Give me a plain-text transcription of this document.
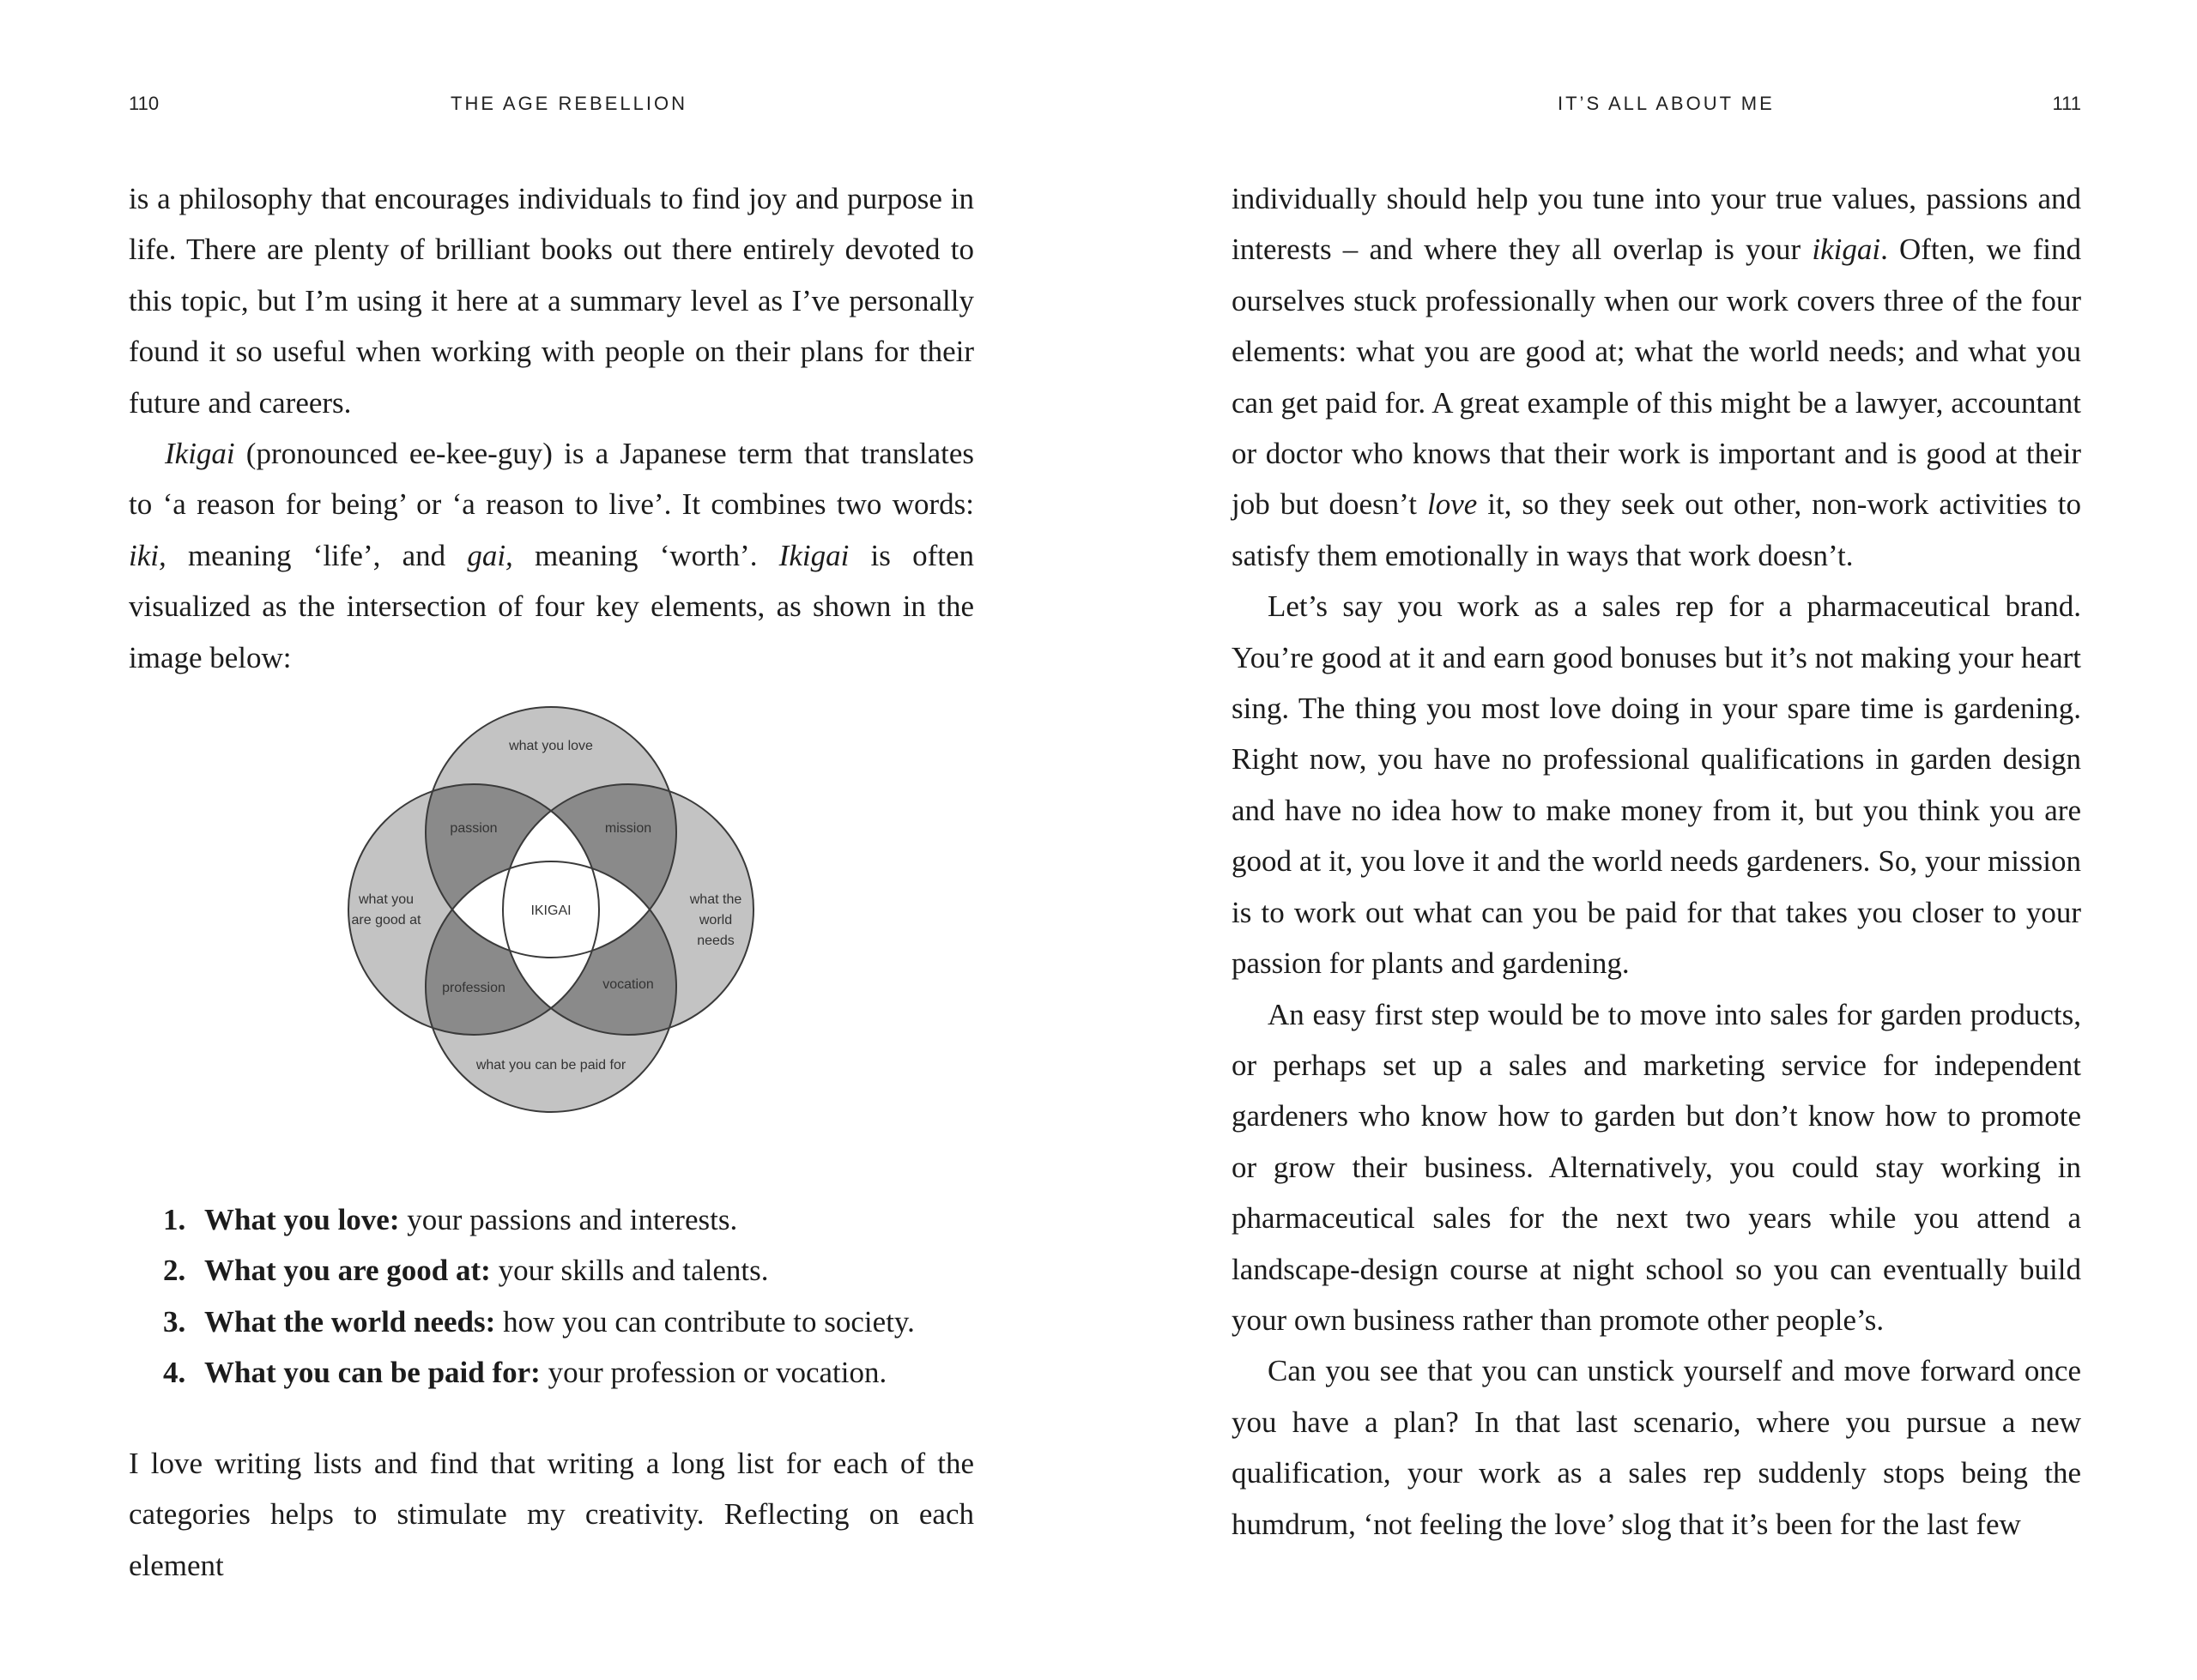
110	THE AGE REBELLION

is a philosophy that encourages individuals to find joy and purpose in life. There are plenty of brilliant books out there entirely devoted to this topic, but I’m using it here at a summary level as I’ve personally found it so useful when working with people on their plans for their future and careers.

Ikigai (pronounced ee-kee-guy) is a Japanese term that translates to ‘a reason for being’ or ‘a reason to live’. It combines two words: iki, meaning ‘life’, and gai, meaning ‘worth’. Ikigai is often visualized as the intersection of four key elements, as shown in the image below:

what you love
passion	mission
what you
are good at
IKIGAI
what the
world
needs
profession	vocation
what you can be paid for
1. What you love: your passions and interests.
2. What you are good at: your skills and talents.
3. What the world needs: how you can contribute to society.
4. What you can be paid for: your profession or vocation.

I love writing lists and find that writing a long list for each of the categories helps to stimulate my creativity. Reflecting on each element

IT’S ALL ABOUT ME	111

individually should help you tune into your true values, passions and interests – and where they all overlap is your ikigai. Often, we find ourselves stuck professionally when our work covers three of the four elements: what you are good at; what the world needs; and what you can get paid for. A great example of this might be a lawyer, accountant or doctor who knows that their work is important and is good at their job but doesn’t love it, so they seek out other, non-work activities to satisfy them emotionally in ways that work doesn’t.

Let’s say you work as a sales rep for a pharmaceutical brand. You’re good at it and earn good bonuses but it’s not making your heart sing. The thing you most love doing in your spare time is gardening. Right now, you have no professional qualifications in garden design and have no idea how to make money from it, but you think you are good at it, you love it and the world needs gardeners. So, your mission is to work out what can you be paid for that takes you closer to your passion for plants and gardening.

An easy first step would be to move into sales for garden products, or perhaps set up a sales and marketing service for independent gardeners who know how to garden but don’t know how to promote or grow their business. Alternatively, you could stay working in pharmaceutical sales for the next two years while you attend a landscape-design course at night school so you can eventually build your own business rather than promote other people’s.

Can you see that you can unstick yourself and move forward once you have a plan? In that last scenario, where you pursue a new qualification, your work as a sales rep suddenly stops being the humdrum, ‘not feeling the love’ slog that it’s been for the last few
